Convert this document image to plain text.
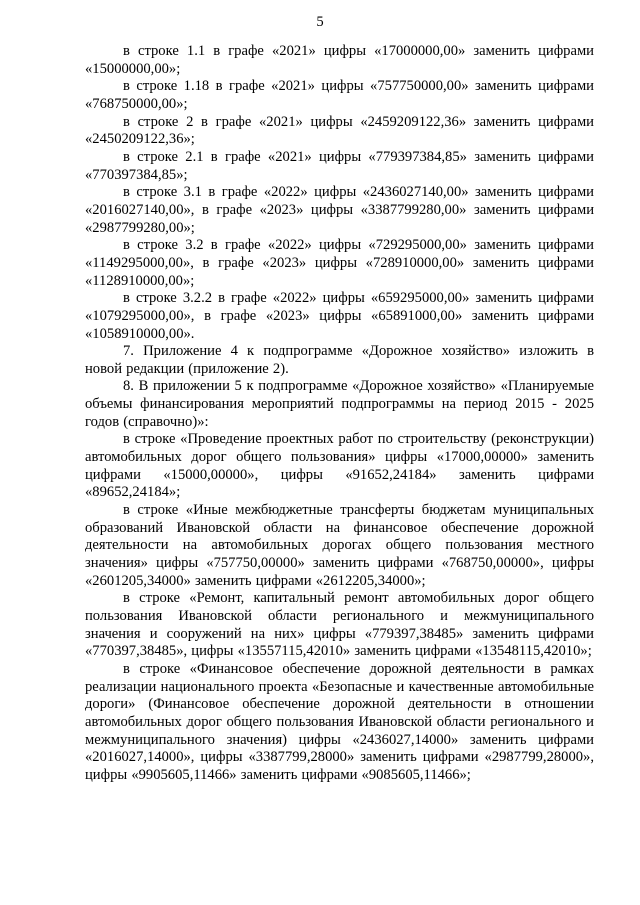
5

в строке 1.1 в графе «2021» цифры «17000000,00» заменить цифрами «15000000,00»;

в строке 1.18 в графе «2021» цифры «757750000,00» заменить цифрами «768750000,00»;

в строке 2 в графе «2021» цифры «2459209122,36» заменить цифрами «2450209122,36»;

в строке 2.1 в графе «2021» цифры «779397384,85» заменить цифрами «770397384,85»;

в строке 3.1 в графе «2022» цифры «2436027140,00» заменить цифрами «2016027140,00», в графе «2023» цифры «3387799280,00» заменить цифрами «2987799280,00»;

в строке 3.2 в графе «2022» цифры «729295000,00» заменить цифрами «1149295000,00», в графе «2023» цифры «728910000,00» заменить цифрами «1128910000,00»;

в строке 3.2.2 в графе «2022» цифры «659295000,00» заменить цифрами «1079295000,00», в графе «2023» цифры «65891000,00» заменить цифрами «1058910000,00».

7. Приложение 4 к подпрограмме «Дорожное хозяйство» изложить в новой редакции (приложение 2).

8. В приложении 5 к подпрограмме «Дорожное хозяйство» «Планируемые объемы финансирования мероприятий подпрограммы на период 2015 - 2025 годов (справочно)»:

в строке «Проведение проектных работ по строительству (реконструкции) автомобильных дорог общего пользования» цифры «17000,00000» заменить цифрами «15000,00000», цифры «91652,24184» заменить цифрами «89652,24184»;

в строке «Иные межбюджетные трансферты бюджетам муниципальных образований Ивановской области на финансовое обеспечение дорожной деятельности на автомобильных дорогах общего пользования местного значения» цифры «757750,00000» заменить цифрами «768750,00000», цифры «2601205,34000» заменить цифрами «2612205,34000»;

в строке «Ремонт, капитальный ремонт автомобильных дорог общего пользования Ивановской области регионального и межмуниципального значения и сооружений на них» цифры «779397,38485» заменить цифрами «770397,38485», цифры «13557115,42010» заменить цифрами «13548115,42010»;

в строке «Финансовое обеспечение дорожной деятельности в рамках реализации национального проекта «Безопасные и качественные автомобильные дороги» (Финансовое обеспечение дорожной деятельности в отношении автомобильных дорог общего пользования Ивановской области регионального и межмуниципального значения) цифры «2436027,14000» заменить цифрами «2016027,14000», цифры «3387799,28000» заменить цифрами «2987799,28000», цифры «9905605,11466» заменить цифрами «9085605,11466»;
